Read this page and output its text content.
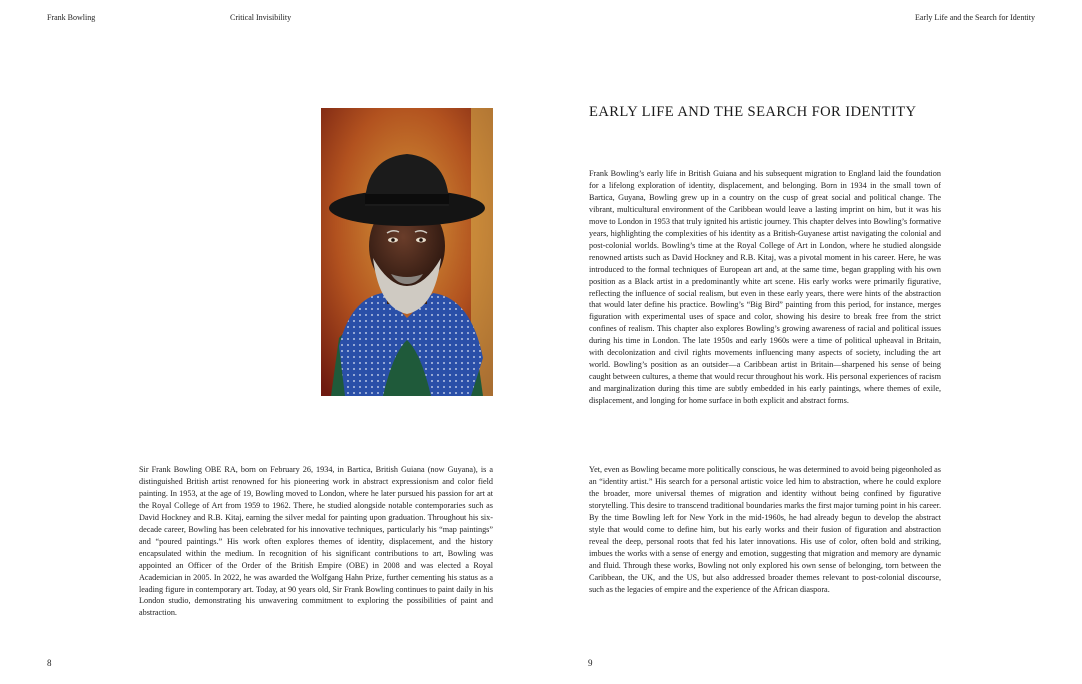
Frank Bowling	Critical Invisibility	Early Life and the Search for Identity

Sir Frank Bowling OBE RA, born on February 26, 1934, in Bartica, British Guiana (now Guyana), is a distinguished British artist renowned for his pioneering work in abstract expressionism and color field painting. In 1953, at the age of 19, Bowling moved to London, where he later pursued his passion for art at the Royal College of Art from 1959 to 1962. There, he studied alongside notable contemporaries such as David Hockney and R.B. Kitaj, earning the silver medal for painting upon graduation. Throughout his six-decade career, Bowling has been celebrated for his innovative techniques, particularly his “map paintings” and “poured paintings.” His work often explores themes of identity, displacement, and the history encapsulated within the medium. In recognition of his significant contributions to art, Bowling was appointed an Officer of the Order of the British Empire (OBE) in 2008 and was elected a Royal Academician in 2005. In 2022, he was awarded the Wolfgang Hahn Prize, further cementing his status as a leading figure in contemporary art. Today, at 90 years old, Sir Frank Bowling continues to paint daily in his London studio, demonstrating his unwavering commitment to exploring the possibilities of paint and abstraction.

8
EARLY LIFE AND THE SEARCH FOR IDENTITY

Frank Bowling’s early life in British Guiana and his subsequent migration to England laid the foundation for a lifelong exploration of identity, displacement, and belonging. Born in 1934 in the small town of Bartica, Guyana, Bowling grew up in a country on the cusp of great social and political change. The vibrant, multicultural environment of the Caribbean would leave a lasting imprint on him, but it was his move to London in 1953 that truly ignited his artistic journey. This chapter delves into Bowling’s formative years, highlighting the complexities of his identity as a British-Guyanese artist navigating the colonial and post-colonial worlds. Bowling’s time at the Royal College of Art in London, where he studied alongside renowned artists such as David Hockney and R.B. Kitaj, was a pivotal moment in his career. Here, he was introduced to the formal techniques of European art and, at the same time, began grappling with his own position as a Black artist in a predominantly white art scene. His early works were primarily figurative, reflecting the influence of social realism, but even in these early years, there were hints of the abstraction that would later define his practice. Bowling’s “Big Bird” painting from this period, for instance, merges figuration with experimental uses of space and color, showing his desire to break free from the strict confines of realism. This chapter also explores Bowling’s growing awareness of racial and political issues during his time in London. The late 1950s and early 1960s were a time of political upheaval in Britain, with decolonization and civil rights movements influencing many aspects of society, including the art world. Bowling’s position as an outsider—a Caribbean artist in Britain—sharpened his sense of being caught between cultures, a theme that would recur throughout his work. His personal experiences of racism and marginalization during this time are subtly embedded in his early paintings, where themes of exile, displacement, and longing for home surface in both explicit and abstract forms.

Yet, even as Bowling became more politically conscious, he was determined to avoid being pigeonholed as an “identity artist.” His search for a personal artistic voice led him to abstraction, where he could explore the broader, more universal themes of migration and identity without being confined by figurative storytelling. This desire to transcend traditional boundaries marks the first major turning point in his career. By the time Bowling left for New York in the mid-1960s, he had already begun to develop the abstract style that would come to define him, but his early works and their fusion of figuration and abstraction reveal the deep, personal roots that fed his later innovations. His use of color, often bold and striking, imbues the works with a sense of energy and emotion, suggesting that migration and memory are dynamic and fluid. Through these works, Bowling not only explored his own sense of belonging, torn between the Caribbean, the UK, and the US, but also addressed broader themes relevant to post-colonial discourse, such as the legacies of empire and the experience of the African diaspora.

9
